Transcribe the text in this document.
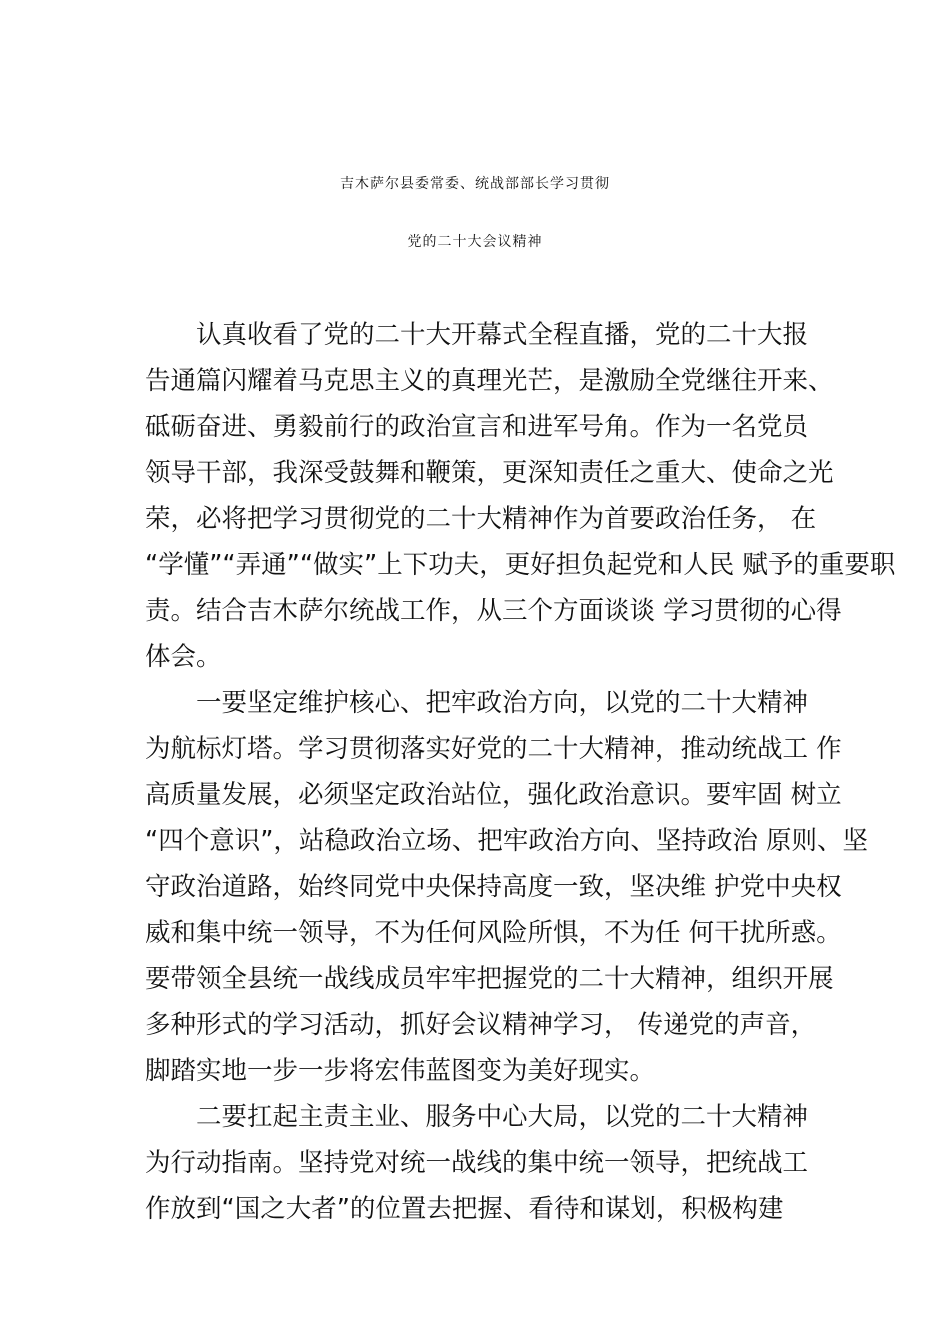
吉木萨尔县委常委、统战部部长学习贯彻
党的二十大会议精神
认真收看了党的二十大开幕式全程直播，党的二十大报
告通篇闪耀着马克思主义的真理光芒，是激励全党继往开来、
砥砺奋进、勇毅前行的政治宣言和进军号角。作为一名党员
领导干部，我深受鼓舞和鞭策，更深知责任之重大、使命之光
荣，必将把学习贯彻党的二十大精神作为首要政治任务， 在
“学懂”“弄通”“做实”上下功夫，更好担负起党和人民 赋予的重要职
责。结合吉木萨尔统战工作，从三个方面谈谈 学习贯彻的心得
体会。
一要坚定维护核心、把牢政治方向，以党的二十大精神
为航标灯塔。学习贯彻落实好党的二十大精神，推动统战工 作
高质量发展，必须坚定政治站位，强化政治意识。要牢固 树立
“四个意识”，站稳政治立场、把牢政治方向、坚持政治 原则、坚
守政治道路，始终同党中央保持高度一致，坚决维 护党中央权
威和集中统一领导，不为任何风险所惧，不为任 何干扰所惑。
要带领全县统一战线成员牢牢把握党的二十大精神，组织开展
多种形式的学习活动，抓好会议精神学习， 传递党的声音，
脚踏实地一步一步将宏伟蓝图变为美好现实。
二要扛起主责主业、服务中心大局，以党的二十大精神
为行动指南。坚持党对统一战线的集中统一领导，把统战工
作放到“国之大者”的位置去把握、看待和谋划，积极构建
